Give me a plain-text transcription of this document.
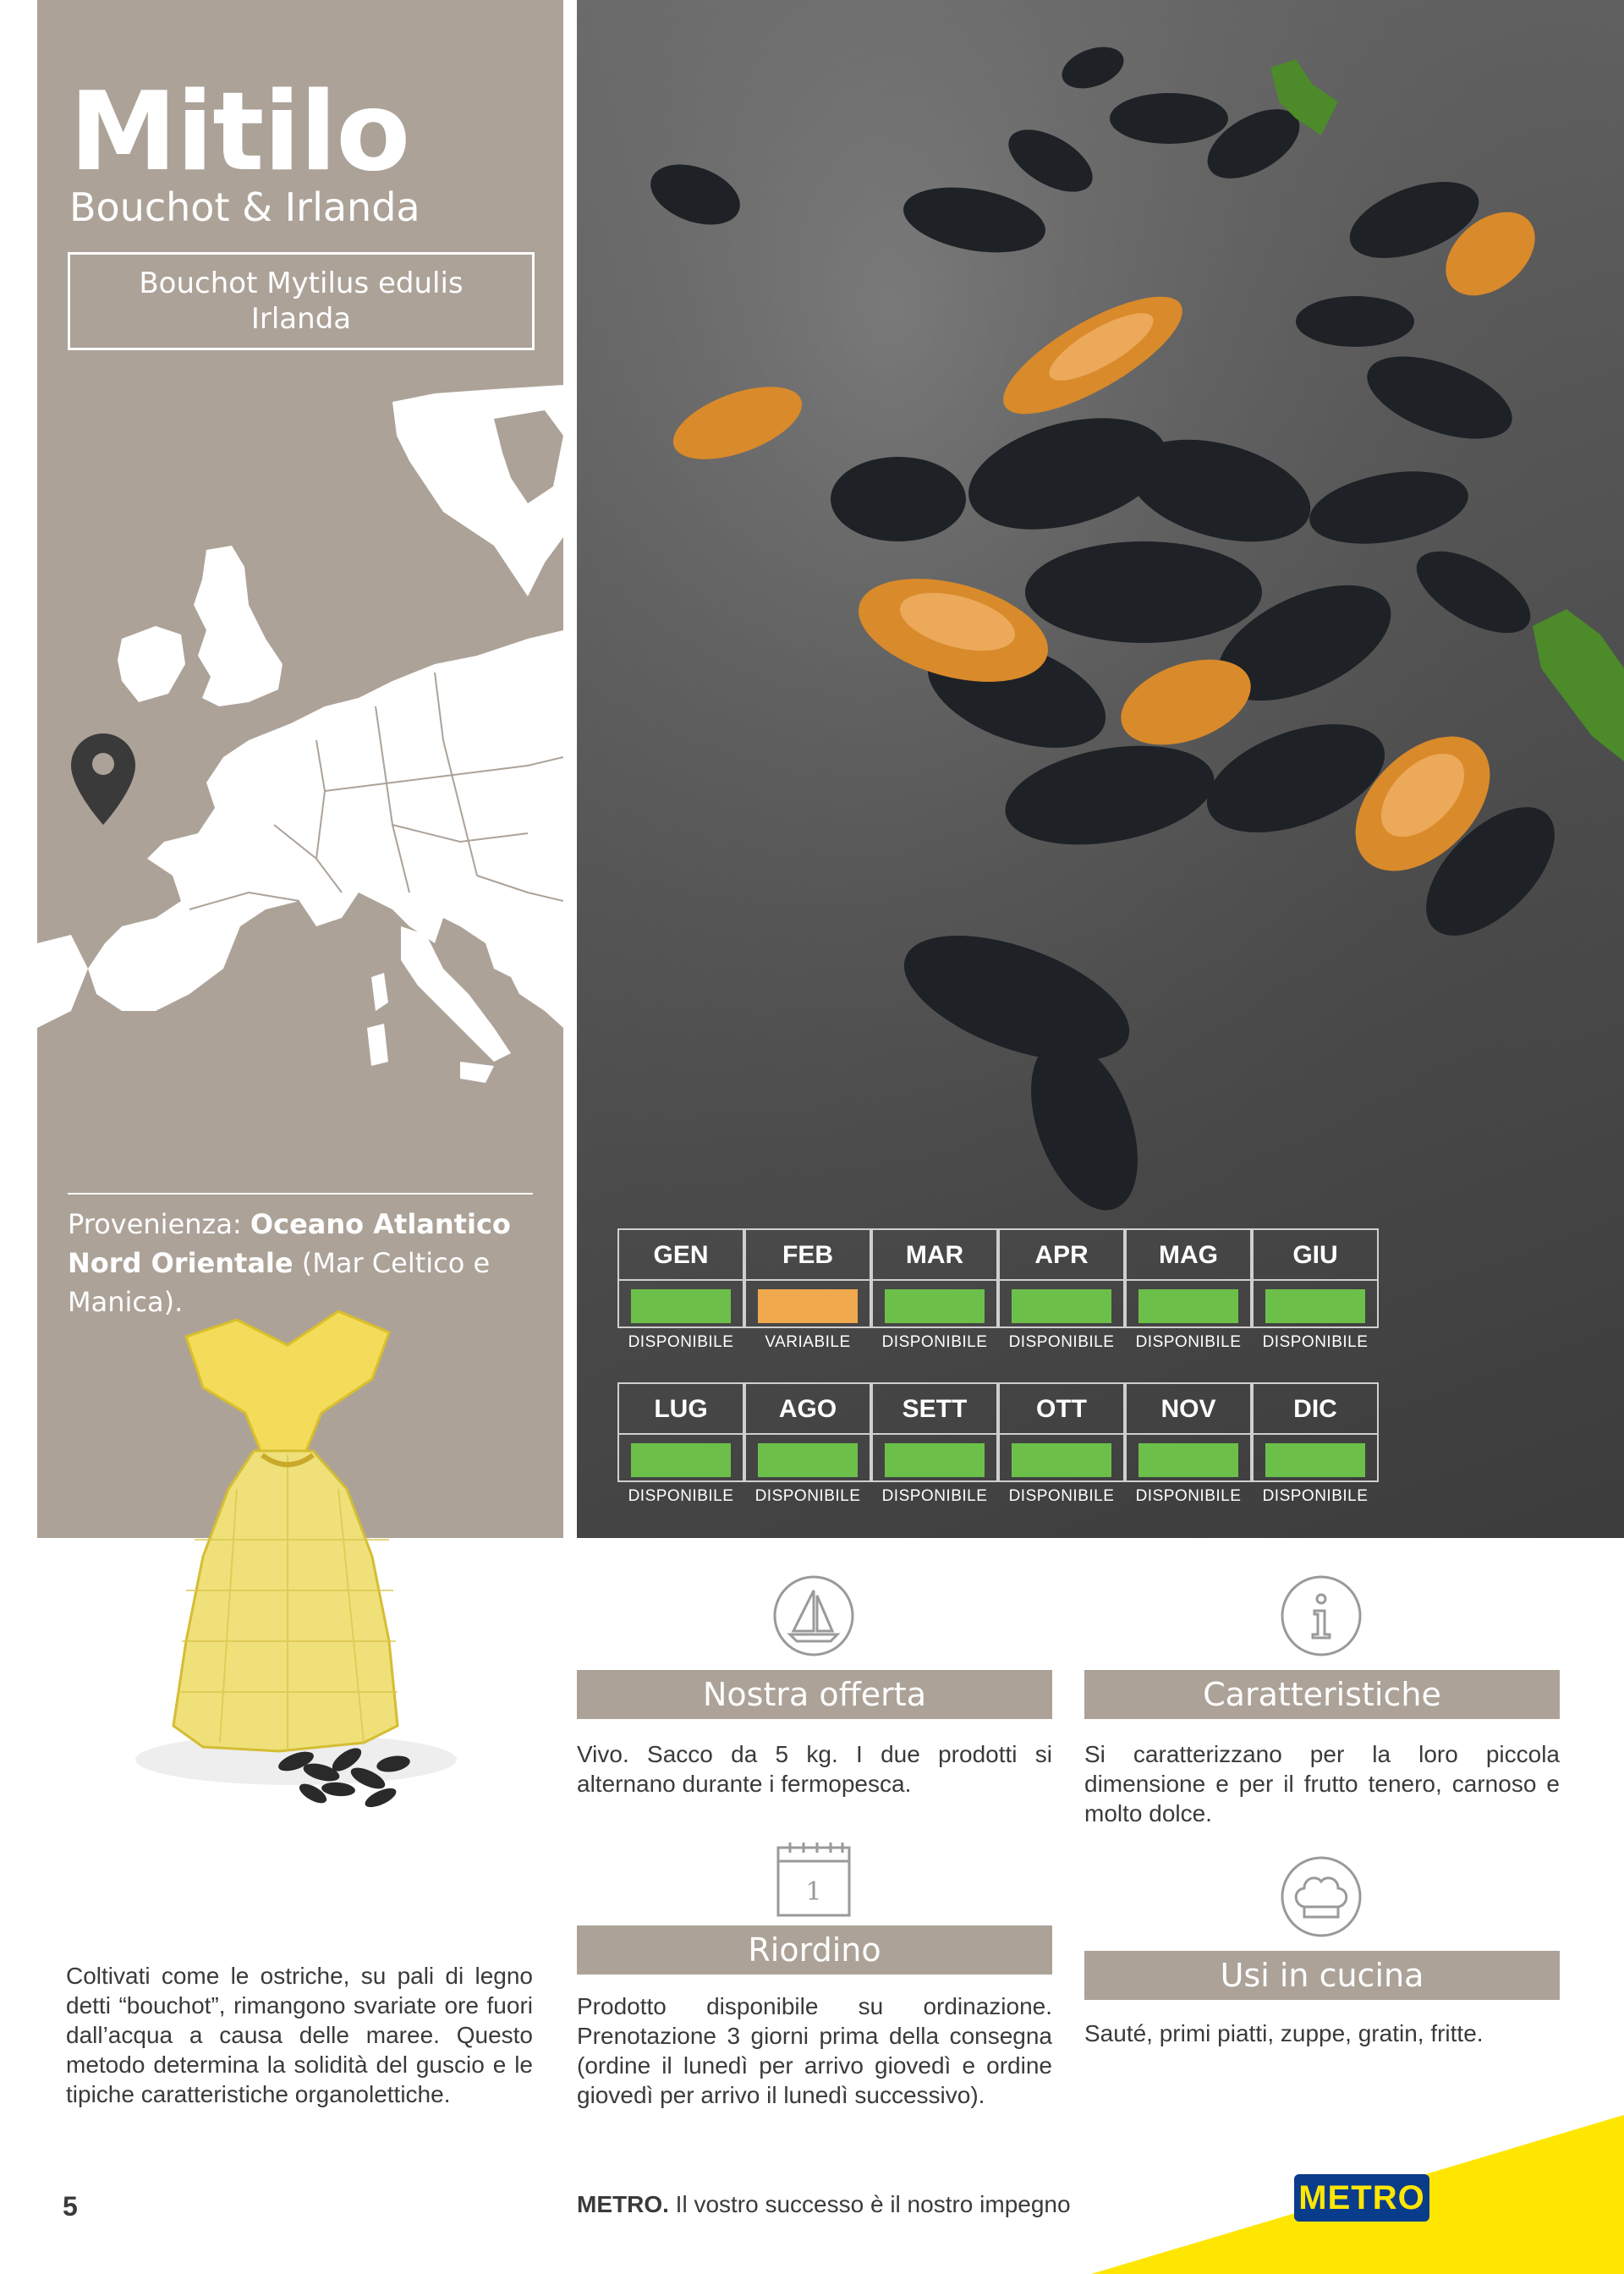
Mitilo
Bouchot & Irlanda
Bouchot Mytilus edulis
Irlanda
Provenienza: Oceano Atlantico Nord Orientale (Mar Celtico e Manica).
GEN	FEB	MAR	APR	MAG	GIU
DISPONIBILE	VARIABILE	DISPONIBILE	DISPONIBILE	DISPONIBILE	DISPONIBILE
LUG	AGO	SETT	OTT	NOV	DIC
DISPONIBILE	DISPONIBILE	DISPONIBILE	DISPONIBILE	DISPONIBILE	DISPONIBILE
Nostra offerta
Vivo. Sacco da 5 kg. I due prodotti si alternano durante i fermopesca.
Caratteristiche
Si caratterizzano per la loro piccola dimensione e per il frutto tenero, carnoso e molto dolce.
1
Riordino
Prodotto disponibile su ordinazione. Prenotazione 3 giorni prima della consegna (ordine il lunedì per arrivo giovedì e ordine giovedì per arrivo il lunedì successivo).
Usi in cucina
Sauté, primi piatti, zuppe, gratin, fritte.
Coltivati come le ostriche, su pali di legno detti “bouchot”, rimangono svariate ore fuori dall’acqua a causa delle maree. Questo metodo determina la solidità del guscio e le tipiche caratteristiche organolettiche.
5	METRO. Il vostro successo è il nostro impegno	METRO
